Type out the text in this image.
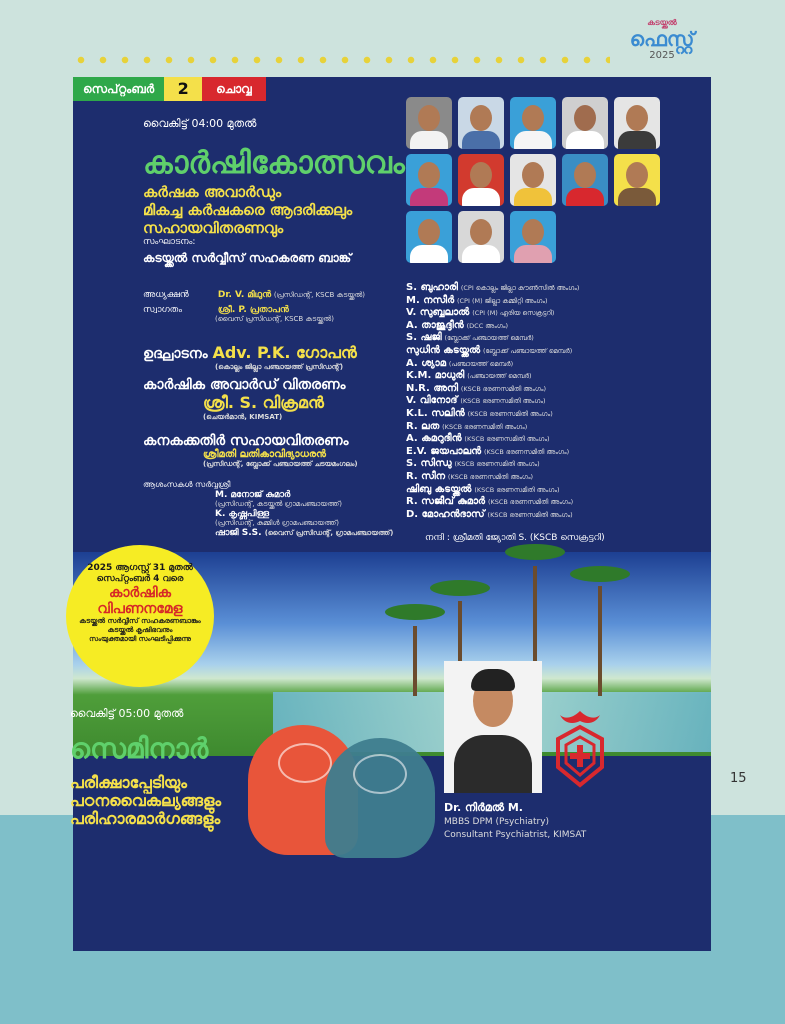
കടയ്ക്കൽ
ഫെസ്റ്റ്
2025
15
സെപ്റ്റംബർ	2	ചൊവ്വ
വൈകിട്ട് 04:00 മുതൽ
കാർഷികോത്സവം
കർഷക അവാർഡും
മികച്ച കർഷകരെ ആദരിക്കലും
സഹായവിതരണവും
സംഘാടനം:
കടയ്ക്കൽ സർവ്വീസ് സഹകരണ ബാങ്ക്
അധ്യക്ഷൻ	Dr. V. മിഥുൻ (പ്രസിഡന്റ്, KSCB കടയ്ക്കൽ)
സ്വാഗതം	ശ്രീ. P. പ്രതാപൻ
(വൈസ് പ്രസിഡന്റ്, KSCB കടയ്ക്കൽ)
ഉദ്ഘാടനം Adv. P.K. ഗോപൻ
(കൊല്ലം ജില്ലാ പഞ്ചായത്ത് പ്രസിഡന്റ്)
കാർഷിക അവാർഡ് വിതരണം
ശ്രീ. S. വിക്രമൻ
(ചെയർമാൻ, KIMSAT)
കനകക്കതിർ സഹായവിതരണം
ശ്രീമതി ലതികാവിദ്യാധരൻ
(പ്രസിഡന്റ്, ബ്ലോക്ക് പഞ്ചായത്ത് ചടയമംഗലം)
ആശംസകൾ സർവ്വശ്രീ
M. മനോജ് കുമാർ
(പ്രസിഡന്റ്, കടയ്ക്കൽ ഗ്രാമപഞ്ചായത്ത്)
K. കൃഷ്ണപിള്ള
(പ്രസിഡന്റ്, കുമ്മിൾ ഗ്രാമപഞ്ചായത്ത്)
ഷാജി S.S. (വൈസ് പ്രസിഡന്റ്, ഗ്രാമപഞ്ചായത്ത്)
S. ബുഹാരി (CPI കൊല്ലം ജില്ലാ കൗൺസിൽ അംഗം)
M. നസീർ (CPI (M) ജില്ലാ കമ്മിറ്റി അംഗം)
V. സുബ്ബലാൽ (CPI (M) ഏരിയ സെക്രട്ടറി)
A. താജുദ്ദീൻ (DCC അംഗം)
S. ഷജി (ബ്ലോക്ക് പഞ്ചായത്ത് മെമ്പർ)
സുധിൻ കടയ്ക്കൽ (ബ്ലോക്ക് പഞ്ചായത്ത് മെമ്പർ)
A. ശ്യാമ (പഞ്ചായത്ത് മെമ്പർ)
K.M. മാധുരി (പഞ്ചായത്ത് മെമ്പർ)
N.R. അനി (KSCB ഭരണസമിതി അംഗം)
V. വിനോദ് (KSCB ഭരണസമിതി അംഗം)
K.L. സലിൻ (KSCB ഭരണസമിതി അംഗം)
R. ലത (KSCB ഭരണസമിതി അംഗം)
A. കമറുദീൻ (KSCB ഭരണസമിതി അംഗം)
E.V. ജയപാലൻ (KSCB ഭരണസമിതി അംഗം)
S. സിന്ധു (KSCB ഭരണസമിതി അംഗം)
R. സീന (KSCB ഭരണസമിതി അംഗം)
ഷിബു കടയ്ക്കൽ (KSCB ഭരണസമിതി അംഗം)
R. സജീവ് കുമാർ (KSCB ഭരണസമിതി അംഗം)
D. മോഹൻദാസ് (KSCB ഭരണസമിതി അംഗം)
നന്ദി : ശ്രീമതി ജ്യോതി S. (KSCB സെക്രട്ടറി)
2025 ആഗസ്റ്റ് 31 മുതൽ സെപ്റ്റംബർ 4 വരെ
കാർഷിക
വിപണനമേള
കടയ്ക്കൽ സർവ്വീസ് സഹകരണബാങ്കും
കടയ്ക്കൽ കൃഷിഭവനും
സംയുക്തമായി സംഘടിപ്പിക്കുന്നു
വൈകിട്ട് 05:00 മുതൽ
സെമിനാർ
പരീക്ഷാപ്പേടിയും
പഠനവൈകല്യങ്ങളും
പരിഹാരമാർഗങ്ങളും
Dr. നിർമൽ M.
MBBS DPM (Psychiatry)
Consultant Psychiatrist, KIMSAT
